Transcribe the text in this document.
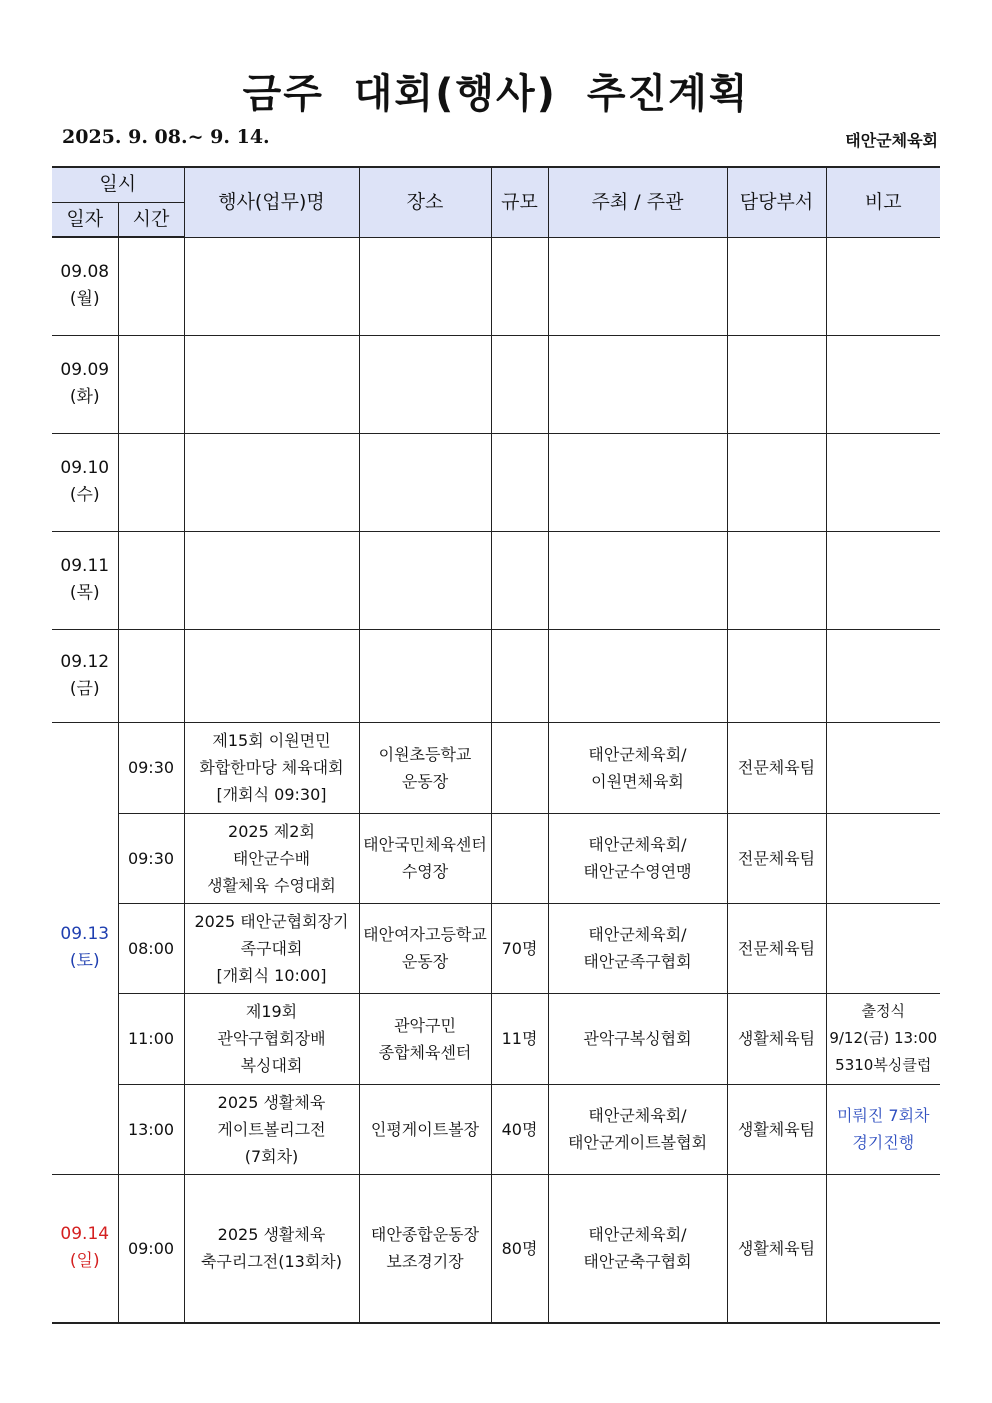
금주 대회(행사) 추진계획
2025. 9. 08.~ 9. 14.	태안군체육회
일시		행사(업무)명	장소	규모	주최 / 주관	담당부서	비고
일자	시간						

09.08
(월)							

09.09
(화)							

09.10
(수)							

09.11
(목)							

09.12
(금)							

09.13
(토)	09:30	제15회 이원면민
화합한마당 체육대회
[개회식 09:30]	이원초등학교
운동장		태안군체육회/
이원면체육회	전문체육팀	
	09:30	2025 제2회
태안군수배
생활체육 수영대회	태안국민체육센터
수영장		태안군체육회/
태안군수영연맹	전문체육팀	
	08:00	2025 태안군협회장기
족구대회
[개회식 10:00]	태안여자고등학교
운동장	70명	태안군체육회/
태안군족구협회	전문체육팀	
	11:00	제19회
관악구협회장배
복싱대회	관악구민
종합체육센터	11명	관악구복싱협회	생활체육팀	출정식
9/12(금) 13:00
5310복싱클럽

	13:00	2025 생활체육
게이트볼리그전
(7회차)	인평게이트볼장	40명	태안군체육회/
태안군게이트볼협회	생활체육팀	미뤄진 7회차
경기진행

09.14
(일)	09:00	2025 생활체육
축구리그전(13회차)	태안종합운동장
보조경기장	80명	태안군체육회/
태안군축구협회	생활체육팀	
